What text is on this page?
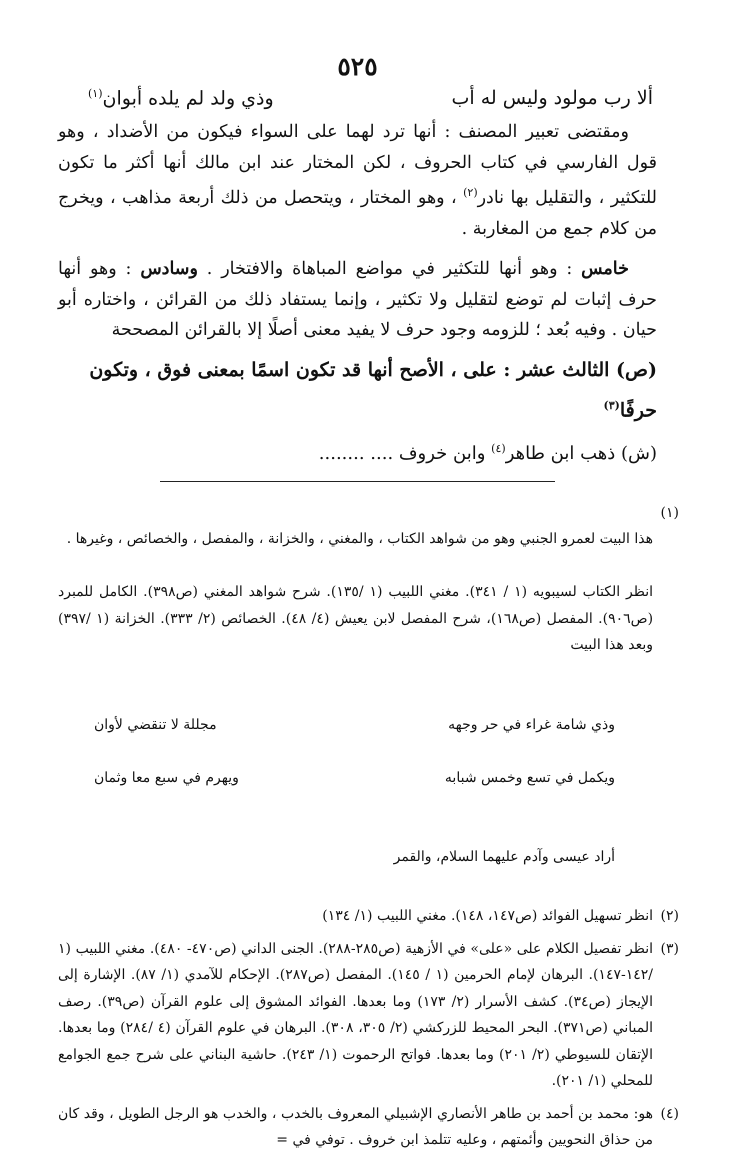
٥٢٥
ألا رب مولود وليس له أب
وذي ولد لم يلده أبوان$^{(١)}$

ومقتضى تعبير المصنف : أنها ترد لهما على السواء فيكون من الأضداد ، وهو قول الفارسي في كتاب الحروف ، لكن المختار عند ابن مالك أنها أكثر ما تكون للتكثير ، والتقليل بها نادر$^{(٢)}$ ، وهو المختار ، ويتحصل من ذلك أربعة مذاهب ، ويخرج من كلام جمع من المغاربة .

خامس : وهو أنها للتكثير في مواضع المباهاة والافتخار . وسادس : وهو أنها حرف إثبات لم توضع لتقليل ولا تكثير ، وإنما يستفاد ذلك من القرائن ، واختاره أبو حيان . وفيه بُعد ؛ للزومه وجود حرف لا يفيد معنى أصلًا إلا بالقرائن المصححة

(ص) الثالث عشر : على ، الأصح أنها قد تكون اسمًا بمعنى فوق ، وتكون حرفًا$^{(٣)}$

(ش) ذهب ابن طاهر$^{(٤)}$ وابن خروف .... ........

(١)

هذا البيت لعمرو الجنبي وهو من شواهد الكتاب ، والمغني ، والخزانة ، والمفصل ، والخصائص ، وغيرها .

انظر الكتاب لسيبويه (١ / ٣٤١). مغني اللبيب (١ /١٣٥). شرح شواهد المغني (ص٣٩٨). الكامل للمبرد (ص٩٠٦). المفصل (ص١٦٨)، شرح المفصل لابن يعيش (٤/ ٤٨). الخصائص (٢/ ٣٣٣). الخزانة (١ /٣٩٧) وبعد هذا البيت

وذي شامة غراء في حر وجهه
مجللة لا تنقضي لأوان

ويكمل في تسع وخمس شبابه
ويهرم في سبع معا وثمان

أراد عيسى وآدم عليهما السلام، والقمر

(٢)
انظر تسهيل الفوائد (ص١٤٧، ١٤٨). مغني اللبيب (١/ ١٣٤)
(٣)
انظر تفصيل الكلام على «على» في الأزهية (ص٢٨٥-٢٨٨). الجنى الداني (ص٤٧٠- ٤٨٠). مغني اللبيب (١ /١٤٢-١٤٧). البرهان لإمام الحرمين (١ / ١٤٥). المفصل (ص٢٨٧). الإحكام للآمدي (١/ ٨٧). الإشارة إلى الإيجاز (ص٣٤). كشف الأسرار (٢/ ١٧٣) وما بعدها. الفوائد المشوق إلى علوم القرآن (ص٣٩). رصف المباني (ص٣٧١). البحر المحيط للزركشي (٢/ ٣٠٥، ٣٠٨). البرهان في علوم القرآن (٤ /٢٨٤) وما بعدها. الإتقان للسيوطي (٢/ ٢٠١) وما بعدها. فواتح الرحموت (١/ ٢٤٣). حاشية البناني على شرح جمع الجوامع للمحلي (١/ ٢٠١).
(٤)
هو: محمد بن أحمد بن طاهر الأنصاري الإشبيلي المعروف بالخدب ، والخدب هو الرجل الطويل ، وقد كان من حذاق النحويين وأئمتهم ، وعليه تتلمذ ابن خروف . توفي في =
